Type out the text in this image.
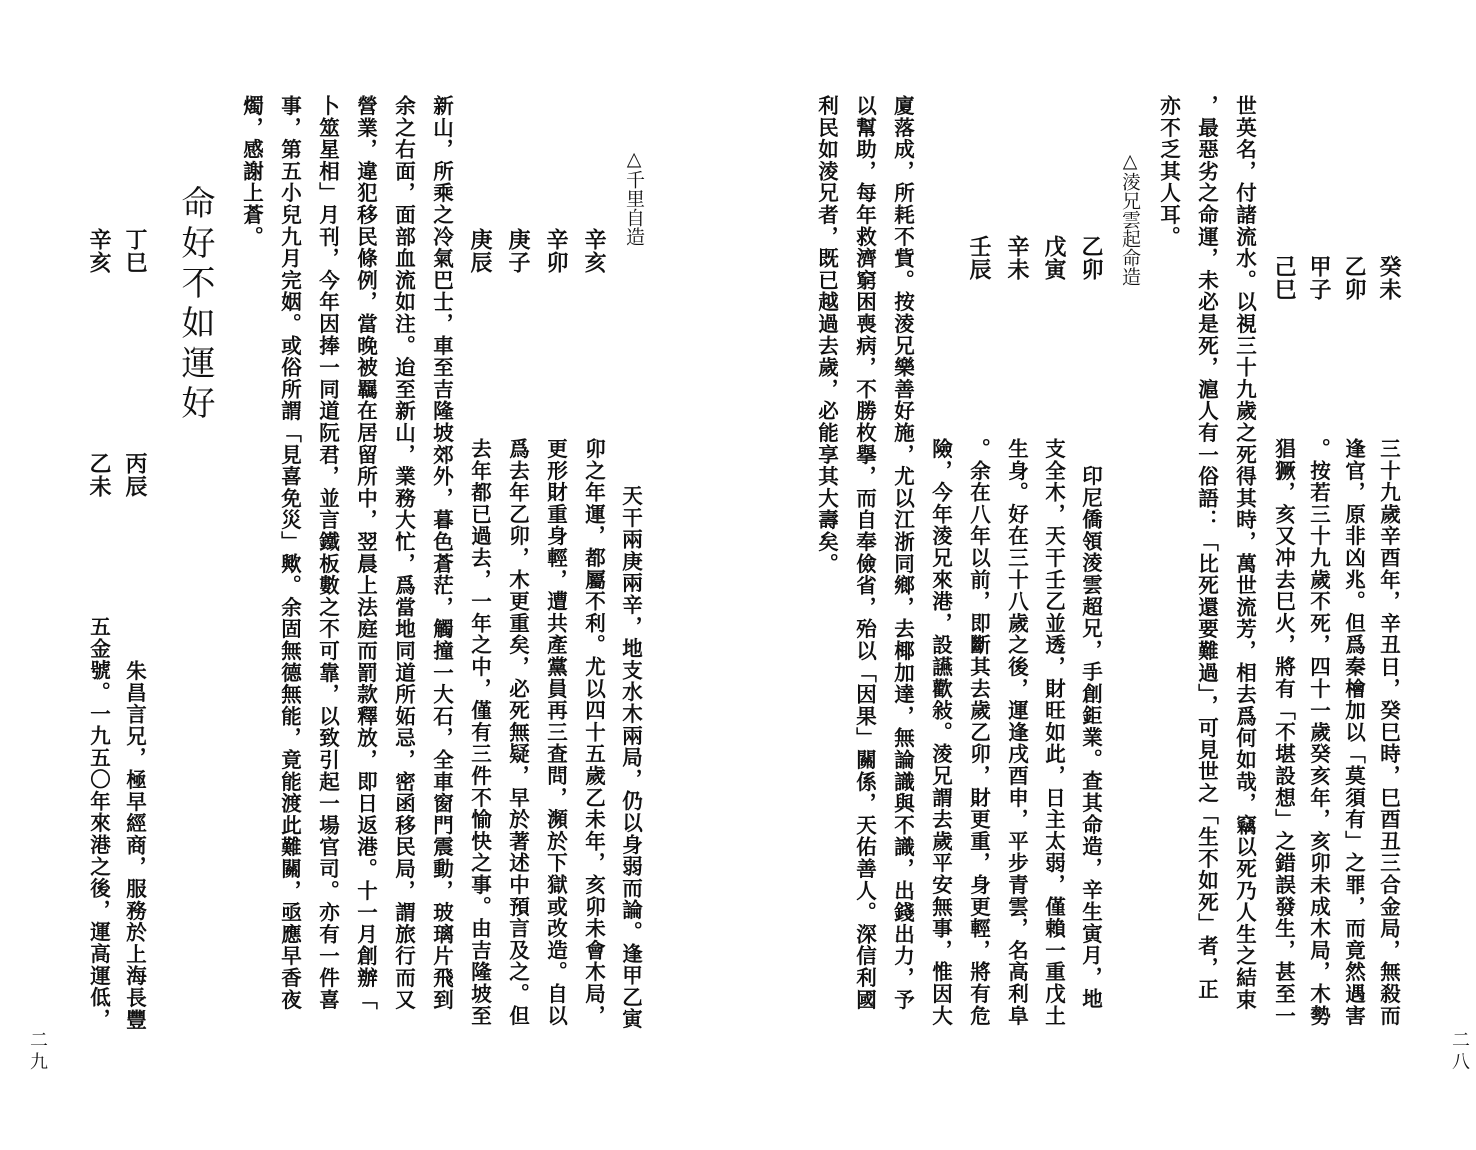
癸未
乙卯
甲子
己巳
三十九歲辛酉年，辛丑日，癸巳時，巳酉丑三合金局，無殺而
逢官，原非凶兆。但爲秦檜加以「莫須有」之罪，而竟然遇害
。按若三十九歲不死，四十一歲癸亥年，亥卯未成木局，木勢
猖獗，亥又冲去巳火，將有「不堪設想」之錯誤發生，甚至一
世英名，付諸流水。以視三十九歲之死得其時，萬世流芳，相去爲何如哉，竊以死乃人生之結束
，最惡劣之命運，未必是死，滬人有一俗語：「比死還要難過」，可見世之「生不如死」者，正
亦不乏其人耳。
△淩兄雲起命造
乙卯
戊寅
辛未
壬辰
印尼僑領淩雲超兄，手創鉅業。查其命造，辛生寅月，地
支全木，天干壬乙並透，財旺如此，日主太弱，僅賴一重戊土
生身。好在三十八歲之後，運逢戌酉申，平步青雲，名高利阜
。余在八年以前，即斷其去歲乙卯，財更重，身更輕，將有危
險，今年淩兄來港，設讌歡敍。淩兄謂去歲平安無事，惟因大
廈落成，所耗不貲。按淩兄樂善好施，尤以江浙同鄉，去椰加達，無論識與不識，出錢出力，予
以幫助，每年救濟窮困喪病，不勝枚擧，而自奉儉省，殆以「因果」關係，天佑善人。深信利國
利民如淩兄者，既已越過去歲，必能享其大壽矣。
二八
△千里自造
辛亥
辛卯
庚子
庚辰
天干兩庚兩辛，地支水木兩局，仍以身弱而論。逢甲乙寅
卯之年運，都屬不利。尤以四十五歲乙未年，亥卯未會木局，
更形財重身輕，遭共產黨員再三査問，瀕於下獄或改造。自以
爲去年乙卯，木更重矣，必死無疑，早於著述中預言及之。但
去年都已過去，一年之中，僅有三件不愉快之事。由吉隆坡至
新山，所乘之冷氣巴士，車至吉隆坡郊外，暮色蒼茫，觸撞一大石，全車窗門震動，玻璃片飛到
余之右面，面部血流如注。迨至新山，業務大忙，爲當地同道所妬忌，密函移民局，謂旅行而又
營業，違犯移民條例，當晚被羈在居留所中，翌晨上法庭而罰款釋放，即日返港。十一月創辦「
卜筮星相」月刊，今年因捧一同道阮君，並言鐵板數之不可靠，以致引起一場官司。亦有一件喜
事，第五小兒九月完姻。或俗所謂「見喜免災」歟。余固無德無能，竟能渡此難關，亟應早香夜
燭，感謝上蒼。
命好不如運好
丁巳
丙辰
辛亥
乙未
朱昌言兄，極早經商，服務於上海長豐
五金號。一九五〇年來港之後，運高運低，
二九
